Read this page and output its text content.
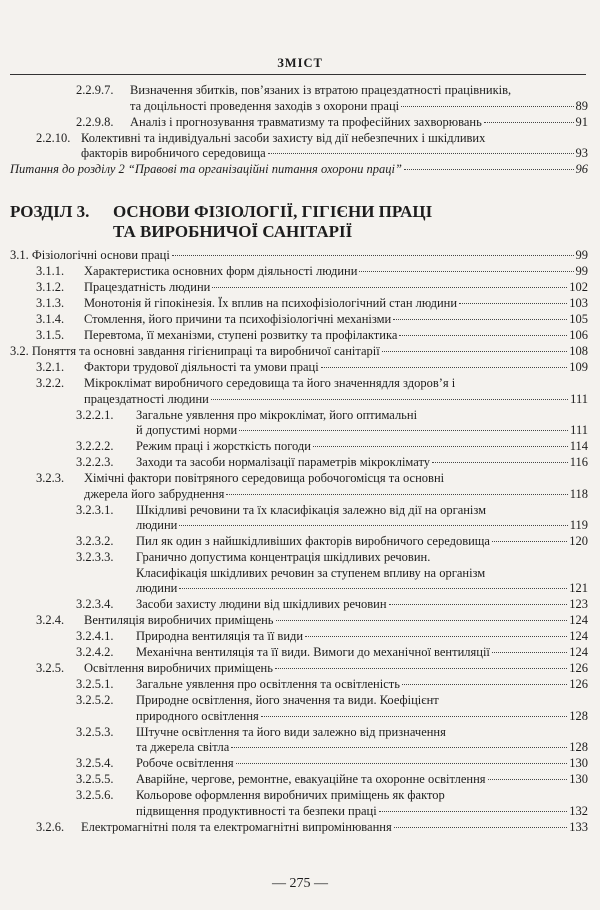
ЗМІСТ
2.2.9.7. Визначення збитків, пов’язаних із втратою працездатності працівників,
та доцільності проведення заходів з охорони праці	89
2.2.9.8. Аналіз і прогнозування травматизму та професійних захворювань	91
2.2.10. Колективні та індивідуальні засоби захисту від дії небезпечних і шкідливих
факторів виробничого середовища	93
Питання до розділу 2 “Правові та організаційні питання охорони праці”	96
РОЗДІЛ 3. ОСНОВИ ФІЗІОЛОГІЇ, ГІГІЄНИ ПРАЦІ
ТА ВИРОБНИЧОЇ САНІТАРІЇ
3.1. Фізіологічні основи праці	99
3.1.1. Характеристика основних форм діяльності людини	99
3.1.2. Працездатність людини	102
3.1.3. Монотонія й гіпокінезія. Їх вплив на психофізіологічний стан людини	103
3.1.4. Стомлення, його причини та психофізіологічні механізми	105
3.1.5. Перевтома, її механізми, ступені розвитку та профілактика	106
3.2. Поняття та основні завдання гігієнипраці та виробничої санітарії	108
3.2.1. Фактори трудової діяльності та умови праці	109
3.2.2. Мікроклімат виробничого середовища та його значеннядля здоров’я і
працездатності людини	111
3.2.2.1. Загальне уявлення про мікроклімат, його оптимальні
й допустимі норми	111
3.2.2.2. Режим праці і жорсткість погоди	114
3.2.2.3. Заходи та засоби нормалізації параметрів мікроклімату	116
3.2.3. Хімічні фактори повітряного середовища робочогомісця та основні
джерела його забруднення	118
3.2.3.1. Шкідливі речовини та їх класифікація залежно від дії на організм
людини	119
3.2.3.2. Пил як один з найшкідливіших факторів виробничого середовища	120
3.2.3.3. Гранично допустима концентрація шкідливих речовин.
Класифікація шкідливих речовин за ступенем впливу на організм
людини	121
3.2.3.4. Засоби захисту людини від шкідливих речовин	123
3.2.4. Вентиляція виробничих приміщень	124
3.2.4.1. Природна вентиляція та її види	124
3.2.4.2. Механічна вентиляція та її види. Вимоги до механічної вентиляції	124
3.2.5. Освітлення виробничих приміщень	126
3.2.5.1. Загальне уявлення про освітлення та освітленість	126
3.2.5.2. Природне освітлення, його значення та види. Коефіцієнт
природного освітлення	128
3.2.5.3. Штучне освітлення та його види залежно від призначення
та джерела світла	128
3.2.5.4. Робоче освітлення	130
3.2.5.5. Аварійне, чергове, ремонтне, евакуаційне та охоронне освітлення	130
3.2.5.6. Кольорове оформлення виробничих приміщень як фактор
підвищення продуктивності та безпеки праці	132
3.2.6. Електромагнітні поля та електромагнітні випромінювання	133
— 275 —
